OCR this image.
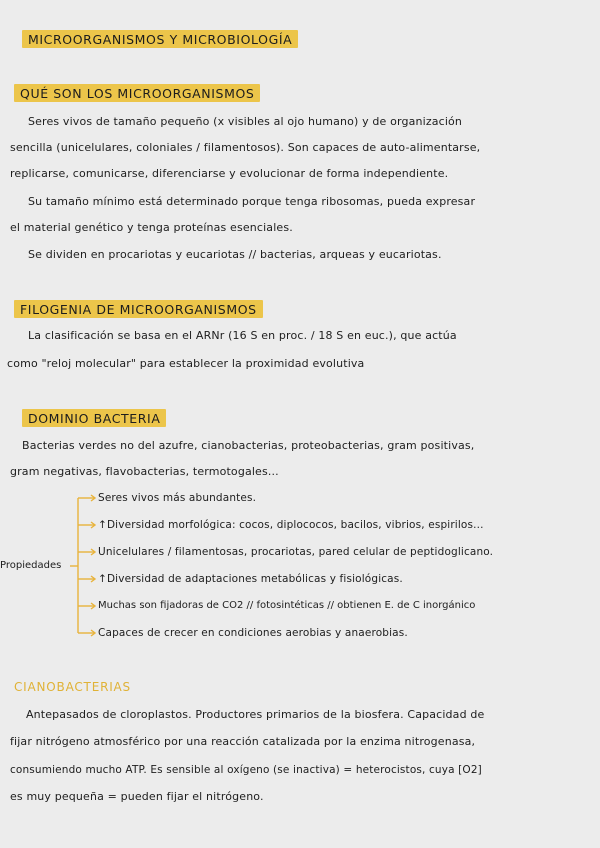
MICROORGANISMOS Y MICROBIOLOGÍA
QUÉ SON LOS MICROORGANISMOS
Seres vivos de tamaño pequeño (x visibles al ojo humano) y de organización
sencilla (unicelulares, coloniales / filamentosos). Son capaces de auto-alimentarse,
replicarse, comunicarse, diferenciarse y evolucionar de forma independiente.
Su tamaño mínimo está determinado porque tenga ribosomas, pueda expresar
el material genético y tenga proteínas esenciales.
Se dividen en procariotas y eucariotas // bacterias, arqueas y eucariotas.
FILOGENIA DE MICROORGANISMOS
La clasificación se basa en el ARNr (16 S en proc. / 18 S en euc.), que actúa
como "reloj molecular" para establecer la proximidad evolutiva
DOMINIO BACTERIA
Bacterias verdes no del azufre, cianobacterias, proteobacterias, gram positivas,
gram negativas, flavobacterias, termotogales...
Propiedades
Seres vivos más abundantes.
↑Diversidad morfológica: cocos, diplococos, bacilos, vibrios, espirilos...
Unicelulares / filamentosas, procariotas, pared celular de peptidoglicano.
↑Diversidad de adaptaciones metabólicas y fisiológicas.
Muchas son fijadoras de CO2 // fotosintéticas // obtienen E. de C inorgánico
Capaces de crecer en condiciones aerobias y anaerobias.
CIANOBACTERIAS
Antepasados de cloroplastos. Productores primarios de la biosfera. Capacidad de
fijar nitrógeno atmosférico por una reacción catalizada por la enzima nitrogenasa,
consumiendo mucho ATP. Es sensible al oxígeno (se inactiva) = heterocistos, cuya [O2]
es muy pequeña = pueden fijar el nitrógeno.
